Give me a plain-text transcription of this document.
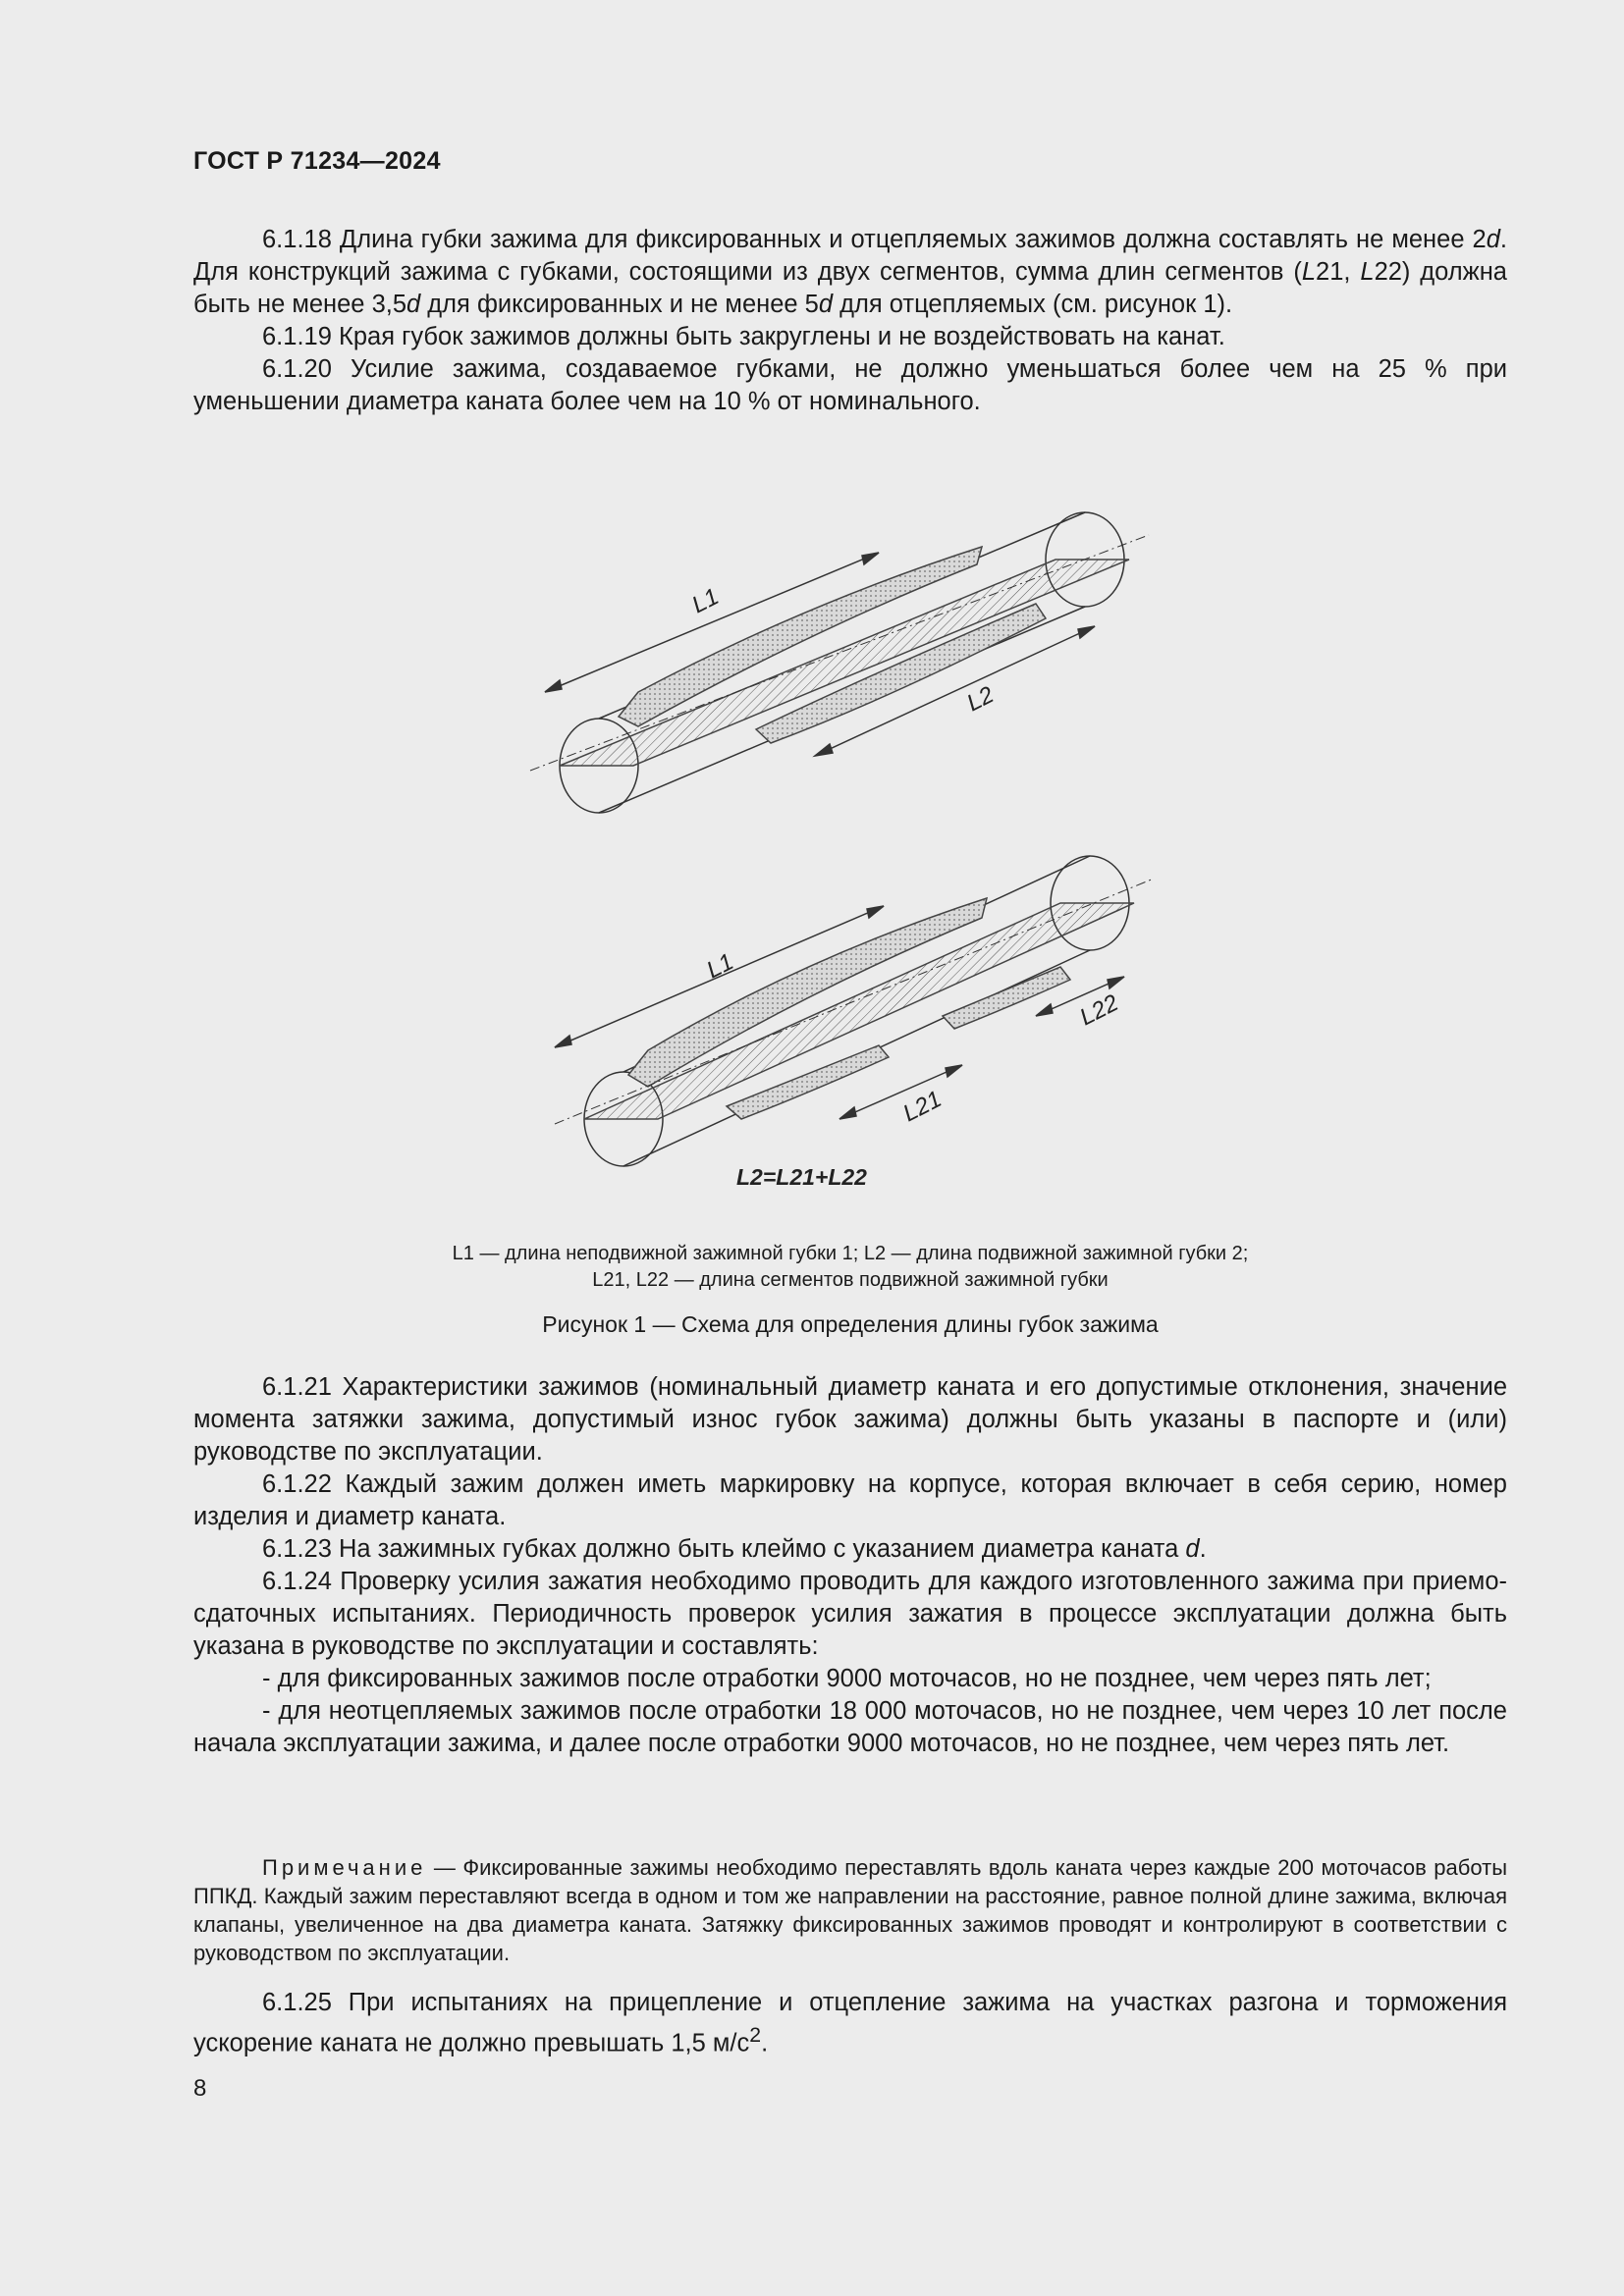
ГОСТ Р 71234—2024

6.1.18 Длина губки зажима для фиксированных и отцепляемых зажимов должна составлять не менее 2d. Для конструкций зажима с губками, состоящими из двух сегментов, сумма длин сегментов (L21, L22) должна быть не менее 3,5d для фиксированных и не менее 5d для отцепляемых (см. рисунок 1).

6.1.19 Края губок зажимов должны быть закруглены и не воздействовать на канат.

6.1.20 Усилие зажима, создаваемое губками, не должно уменьшаться более чем на 25 % при уменьшении диаметра каната более чем на 10 % от номинального.

L1
L2
L1
L22
L21
L2=L21+L22
L1 — длина неподвижной зажимной губки 1; L2 — длина подвижной зажимной губки 2;
L21, L22 — длина сегментов подвижной зажимной губки
Рисунок 1 — Схема для определения длины губок зажима

6.1.21 Характеристики зажимов (номинальный диаметр каната и его допустимые отклонения, значение момента затяжки зажима, допустимый износ губок зажима) должны быть указаны в паспорте и (или) руководстве по эксплуатации.

6.1.22 Каждый зажим должен иметь маркировку на корпусе, которая включает в себя серию, номер изделия и диаметр каната.

6.1.23 На зажимных губках должно быть клеймо с указанием диаметра каната d.

6.1.24 Проверку усилия зажатия необходимо проводить для каждого изготовленного зажима при приемо-сдаточных испытаниях. Периодичность проверок усилия зажатия в процессе эксплуатации должна быть указана в руководстве по эксплуатации и составлять:

- для фиксированных зажимов после отработки 9000 моточасов, но не позднее, чем через пять лет;

- для неотцепляемых зажимов после отработки 18 000 моточасов, но не позднее, чем через 10 лет после начала эксплуатации зажима, и далее после отработки 9000 моточасов, но не позднее, чем через пять лет.

Примечание — Фиксированные зажимы необходимо переставлять вдоль каната через каждые 200 моточасов работы ППКД. Каждый зажим переставляют всегда в одном и том же направлении на расстояние, равное полной длине зажима, включая клапаны, увеличенное на два диаметра каната. Затяжку фиксированных зажимов проводят и контролируют в соответствии с руководством по эксплуатации.
6.1.25 При испытаниях на прицепление и отцепление зажима на участках разгона и торможения ускорение каната не должно превышать 1,5 $м/с^2$.
8
